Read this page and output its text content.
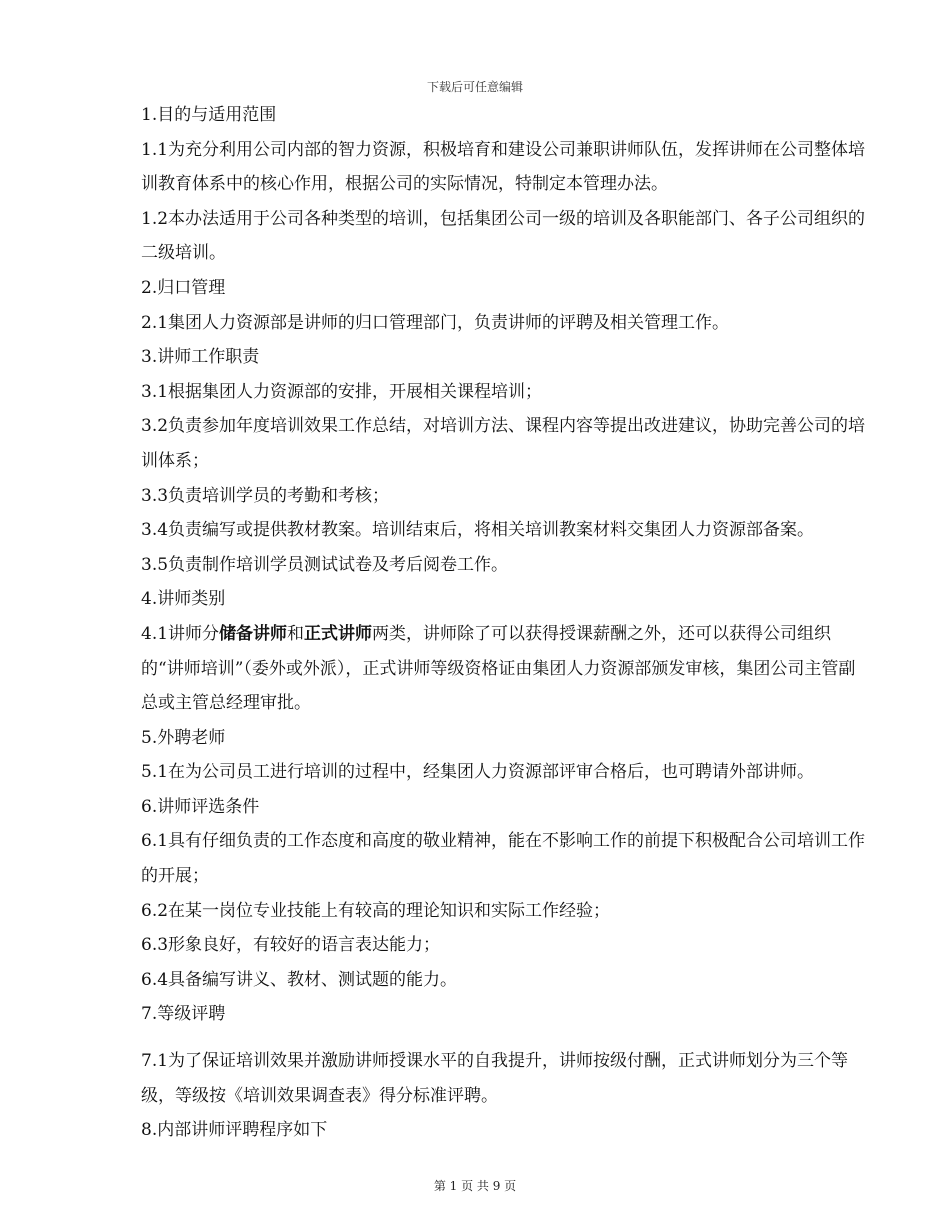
下载后可任意编辑

1.目的与适用范围

1.1为充分利用公司内部的智力资源，积极培育和建设公司兼职讲师队伍，发挥讲师在公司整体培训教育体系中的核心作用，根据公司的实际情况，特制定本管理办法。

1.2本办法适用于公司各种类型的培训，包括集团公司一级的培训及各职能部门、各子公司组织的二级培训。

2.归口管理

2.1集团人力资源部是讲师的归口管理部门，负责讲师的评聘及相关管理工作。

3.讲师工作职责

3.1根据集团人力资源部的安排，开展相关课程培训；

3.2负责参加年度培训效果工作总结，对培训方法、课程内容等提出改进建议，协助完善公司的培训体系；

3.3负责培训学员的考勤和考核；

3.4负责编写或提供教材教案。培训结束后，将相关培训教案材料交集团人力资源部备案。

3.5负责制作培训学员测试试卷及考后阅卷工作。

4.讲师类别

4.1讲师分储备讲师和正式讲师两类，讲师除了可以获得授课薪酬之外，还可以获得公司组织的“讲师培训”（委外或外派），正式讲师等级资格证由集团人力资源部颁发审核，集团公司主管副总或主管总经理审批。

5.外聘老师

5.1在为公司员工进行培训的过程中，经集团人力资源部评审合格后，也可聘请外部讲师。

6.讲师评选条件

6.1具有仔细负责的工作态度和高度的敬业精神，能在不影响工作的前提下积极配合公司培训工作的开展；

6.2在某一岗位专业技能上有较高的理论知识和实际工作经验；

6.3形象良好，有较好的语言表达能力；

6.4具备编写讲义、教材、测试题的能力。

7.等级评聘

7.1为了保证培训效果并激励讲师授课水平的自我提升，讲师按级付酬，正式讲师划分为三个等级，等级按《培训效果调查表》得分标准评聘。

8.内部讲师评聘程序如下

第 1 页 共 9 页
